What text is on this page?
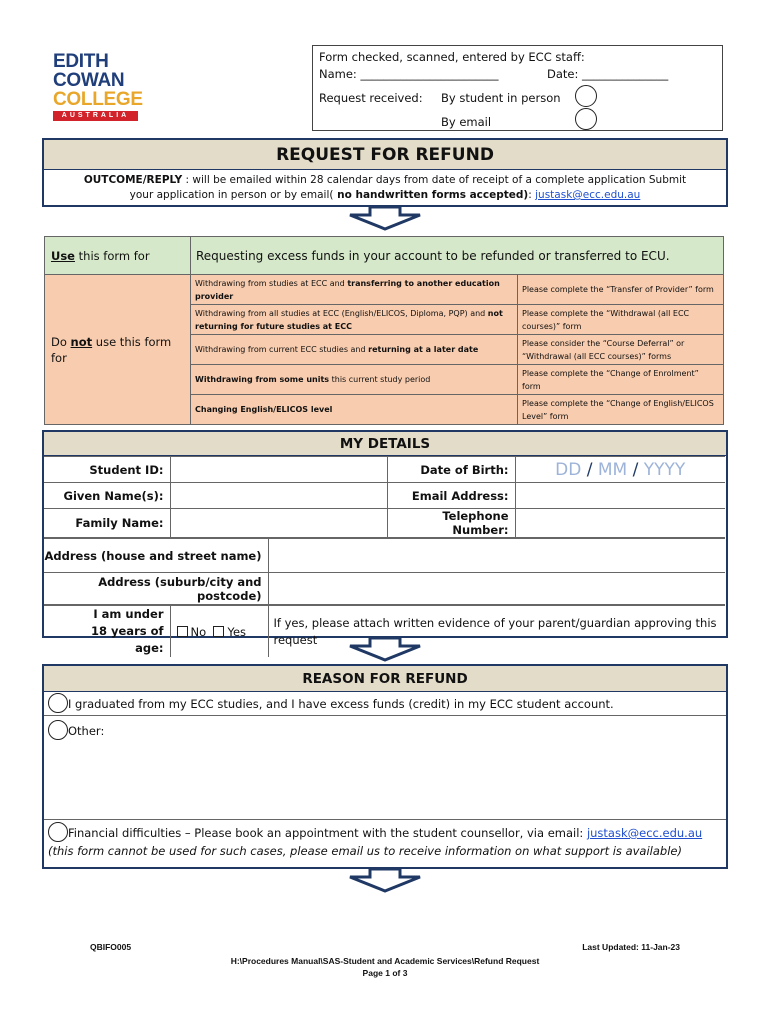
EDITH
COWAN
COLLEGE
AUSTRALIA
Form checked, scanned, entered by ECC staff:
Name: ________________________	Date: _______________
Request received: By student in person
By email
REQUEST FOR REFUND
OUTCOME/REPLY : will be emailed within 28 calendar days from date of receipt of a complete application Submit
your application in person or by email( no handwritten forms accepted): justask@ecc.edu.au
Use this form for	Requesting excess funds in your account to be refunded or transferred to ECU.	
Do not use this form for	Withdrawing from studies at ECC and transferring to another education provider	Please complete the “Transfer of Provider” form
	Withdrawing from all studies at ECC (English/ELICOS, Diploma, PQP) and not returning for future studies at ECC	Please complete the “Withdrawal (all ECC courses)” form
	Withdrawing from current ECC studies and returning at a later date	Please consider the “Course Deferral” or “Withdrawal (all ECC courses)” forms
	Withdrawing from some units this current study period	Please complete the “Change of Enrolment” form
	Changing English/ELICOS level	Please complete the “Change of English/ELICOS Level” form
MY DETAILS
Student ID:		Date of Birth:	DD / MM / YYYY
Given Name(s):		Email Address:	
Family Name:		Telephone Number:	
Address (house and street name)	
Address (suburb/city and postcode)	
I am under 18 years of age:	No Yes	If yes, please attach written evidence of your parent/guardian approving this request
REASON FOR REFUND
I graduated from my ECC studies, and I have excess funds (credit) in my ECC student account.
Other:
Financial difficulties – Please book an appointment with the student counsellor, via email: justask@ecc.edu.au
(this form cannot be used for such cases, please email us to receive information on what support is available)
QBIFO005	Last Updated: 11-Jan-23
H:\Procedures Manual\SAS-Student and Academic Services\Refund Request
Page 1 of 3
